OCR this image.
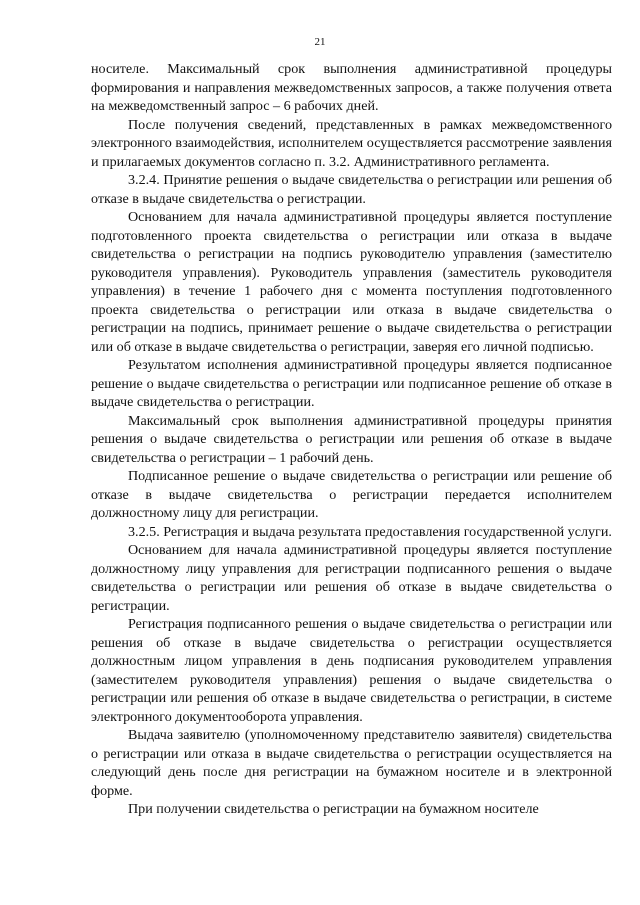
21

носителе. Максимальный срок выполнения административной процедуры формирования и направления межведомственных запросов, а также получения ответа на межведомственный запрос – 6 рабочих дней.

После получения сведений, представленных в рамках межведомственного электронного взаимодействия, исполнителем осуществляется рассмотрение заявления и прилагаемых документов согласно п. 3.2. Административного регламента.

3.2.4. Принятие решения о выдаче свидетельства о регистрации или решения об отказе в выдаче свидетельства о регистрации.

Основанием для начала административной процедуры является поступление подготовленного проекта свидетельства о регистрации или отказа в выдаче свидетельства о регистрации на подпись руководителю управления (заместителю руководителя управления). Руководитель управления (заместитель руководителя управления) в течение 1 рабочего дня с момента поступления подготовленного проекта свидетельства о регистрации или отказа в выдаче свидетельства о регистрации на подпись, принимает решение о выдаче свидетельства о регистрации или об отказе в выдаче свидетельства о регистрации, заверяя его личной подписью.

Результатом исполнения административной процедуры является подписанное решение о выдаче свидетельства о регистрации или подписанное решение об отказе в выдаче свидетельства о регистрации.

Максимальный срок выполнения административной процедуры принятия решения о выдаче свидетельства о регистрации или решения об отказе в выдаче свидетельства о регистрации – 1 рабочий день.

Подписанное решение о выдаче свидетельства о регистрации или решение об отказе в выдаче свидетельства о регистрации передается исполнителем должностному лицу для регистрации.

3.2.5. Регистрация и выдача результата предоставления государственной услуги.

Основанием для начала административной процедуры является поступление должностному лицу управления для регистрации подписанного решения о выдаче свидетельства о регистрации или решения об отказе в выдаче свидетельства о регистрации.

Регистрация подписанного решения о выдаче свидетельства о регистрации или решения об отказе в выдаче свидетельства о регистрации осуществляется должностным лицом управления в день подписания руководителем управления (заместителем руководителя управления) решения о выдаче свидетельства о регистрации или решения об отказе в выдаче свидетельства о регистрации, в системе электронного документооборота управления.

Выдача заявителю (уполномоченному представителю заявителя) свидетельства о регистрации или отказа в выдаче свидетельства о регистрации осуществляется на следующий день после дня регистрации на бумажном носителе и в электронной форме.

При получении свидетельства о регистрации на бумажном носителе
